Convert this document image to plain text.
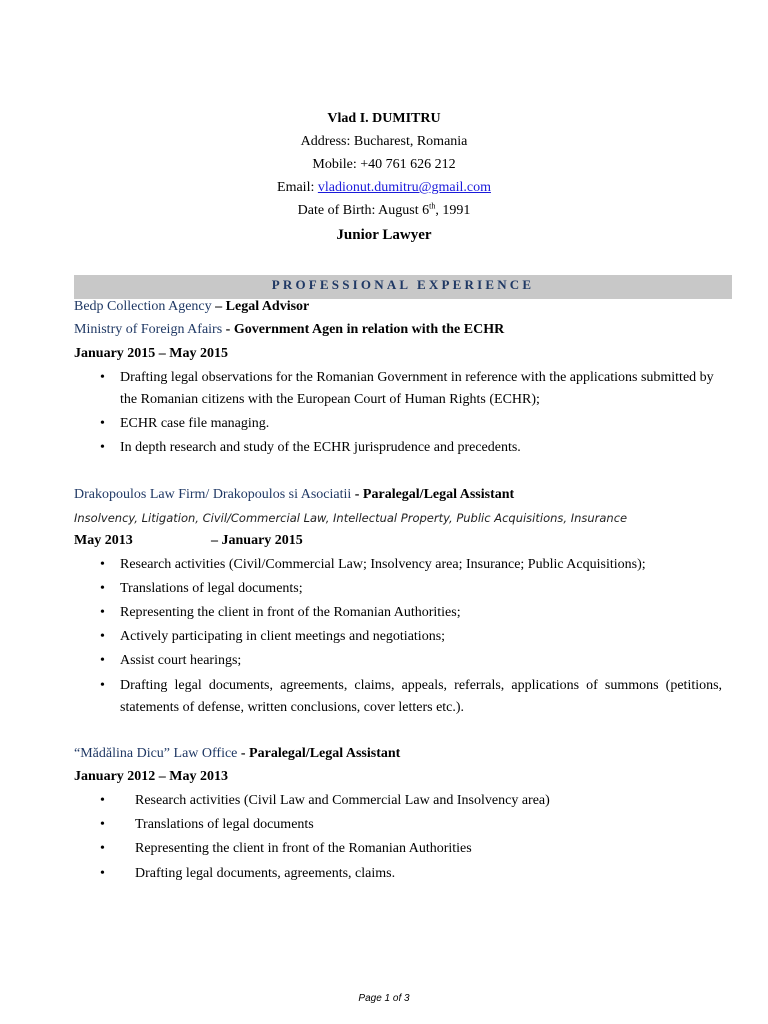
Vlad I. DUMITRU
Address: Bucharest, Romania
Mobile: +40 761 626 212
Email: vladionut.dumitru@gmail.com
Date of Birth: August 6th, 1991
Junior Lawyer
PROFESSIONAL EXPERIENCE
Bedp Collection Agency – Legal Advisor
Ministry of Foreign Afairs - Government Agen in relation with the ECHR
January 2015 – May 2015
• Drafting legal observations for the Romanian Government in reference with the applications submitted by
the Romanian citizens with the European Court of Human Rights (ECHR);
• ECHR case file managing.
• In depth research and study of the ECHR jurisprudence and precedents.
Drakopoulos Law Firm/ Drakopoulos si Asociatii - Paralegal/Legal Assistant
Insolvency, Litigation, Civil/Commercial Law, Intellectual Property, Public Acquisitions, Insurance
May 2013	– January 2015
• Research activities (Civil/Commercial Law; Insolvency area; Insurance; Public Acquisitions);
• Translations of legal documents;
• Representing the client in front of the Romanian Authorities;
• Actively participating in client meetings and negotiations;
• Assist court hearings;
• Drafting legal documents, agreements, claims, appeals, referrals, applications of summons (petitions,
statements of defense, written conclusions, cover letters etc.).
“Mădălina Dicu” Law Office - Paralegal/Legal Assistant
January 2012 – May 2013
• Research activities (Civil Law and Commercial Law and Insolvency area)
• Translations of legal documents
• Representing the client in front of the Romanian Authorities
• Drafting legal documents, agreements, claims.
Page 1 of 3
